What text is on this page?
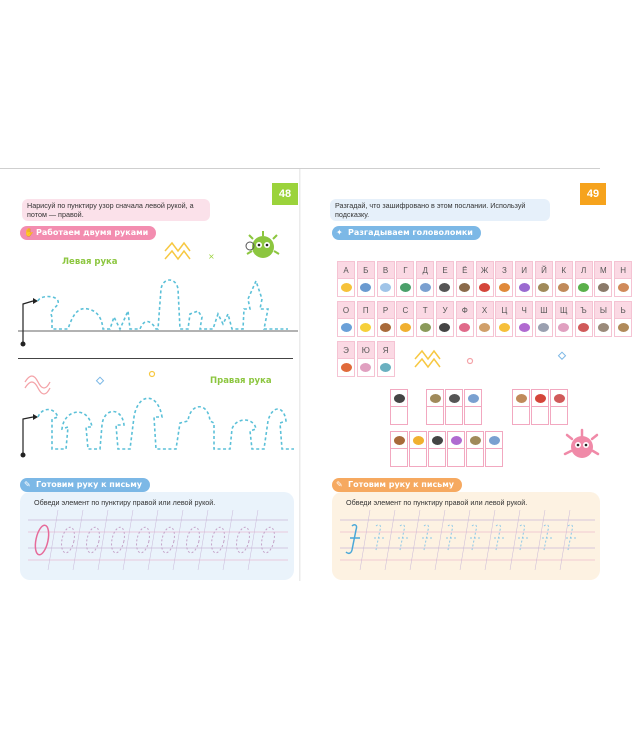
48
Нарисуй по пунктиру узор сначала левой рукой, а потом — правой.
✋ Работаем двумя руками
×
Левая рука
Правая рука
Обведи элемент по пунктиру правой или левой рукой.
✎ Готовим руку к письму
49
Разгадай, что зашифровано в этом послании. Используй подсказку.
✦ Разгадываем головоломки
А	Б	В	Г	Д	Е	Ё	Ж	З	И	Й	К	Л	М	Н
О	П	Р	С	Т	У	Ф	Х	Ц	Ч	Ш	Щ	Ъ	Ы	Ь
Э	Ю	Я
Обведи элемент по пунктиру правой или левой рукой.
✎ Готовим руку к письму
